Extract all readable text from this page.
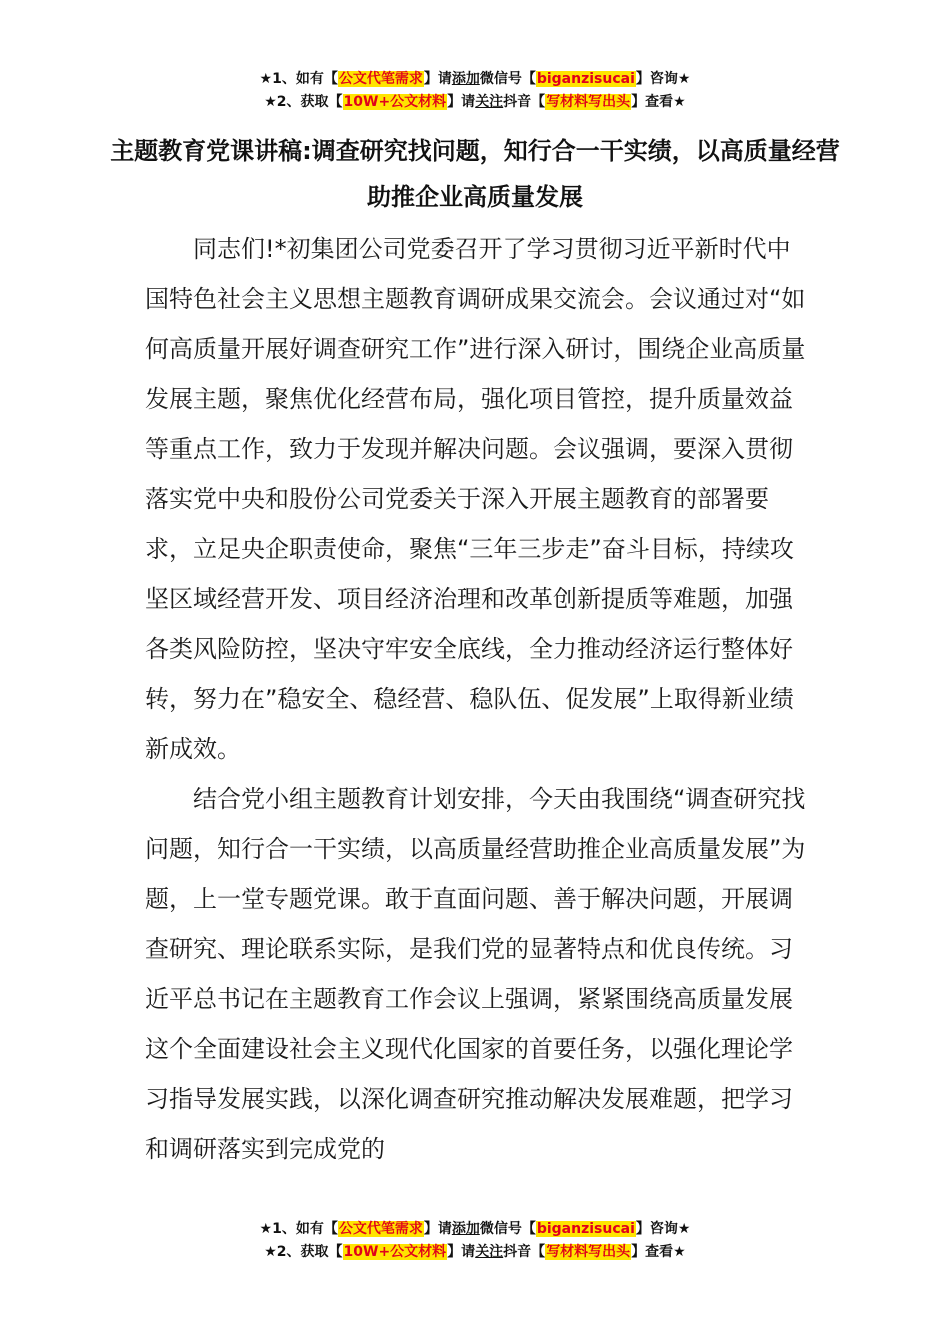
★1、如有【公文代笔需求】请添加微信号【biganzisucai】咨询★
★2、获取【10W+公文材料】请关注抖音【写材料写出头】查看★
主题教育党课讲稿:调查研究找问题，知行合一干实绩，以高质量经营助推企业高质量发展

同志们!*初集团公司党委召开了学习贯彻习近平新时代中国特色社会主义思想主题教育调研成果交流会。会议通过对“如何高质量开展好调查研究工作”进行深入研讨，围绕企业高质量发展主题，聚焦优化经营布局，强化项目管控，提升质量效益等重点工作，致力于发现并解决问题。会议强调，要深入贯彻落实党中央和股份公司党委关于深入开展主题教育的部署要求，立足央企职责使命，聚焦“三年三步走”奋斗目标，持续攻坚区域经营开发、项目经济治理和改革创新提质等难题，加强各类风险防控，坚决守牢安全底线，全力推动经济运行整体好转，努力在”稳安全、稳经营、稳队伍、促发展”上取得新业绩新成效。

结合党小组主题教育计划安排，今天由我围绕“调查研究找问题，知行合一干实绩，以高质量经营助推企业高质量发展”为题，上一堂专题党课。敢于直面问题、善于解决问题，开展调查研究、理论联系实际，是我们党的显著特点和优良传统。习近平总书记在主题教育工作会议上强调，紧紧围绕高质量发展这个全面建设社会主义现代化国家的首要任务，以强化理论学习指导发展实践，以深化调查研究推动解决发展难题，把学习和调研落实到完成党的

★1、如有【公文代笔需求】请添加微信号【biganzisucai】咨询★
★2、获取【10W+公文材料】请关注抖音【写材料写出头】查看★
